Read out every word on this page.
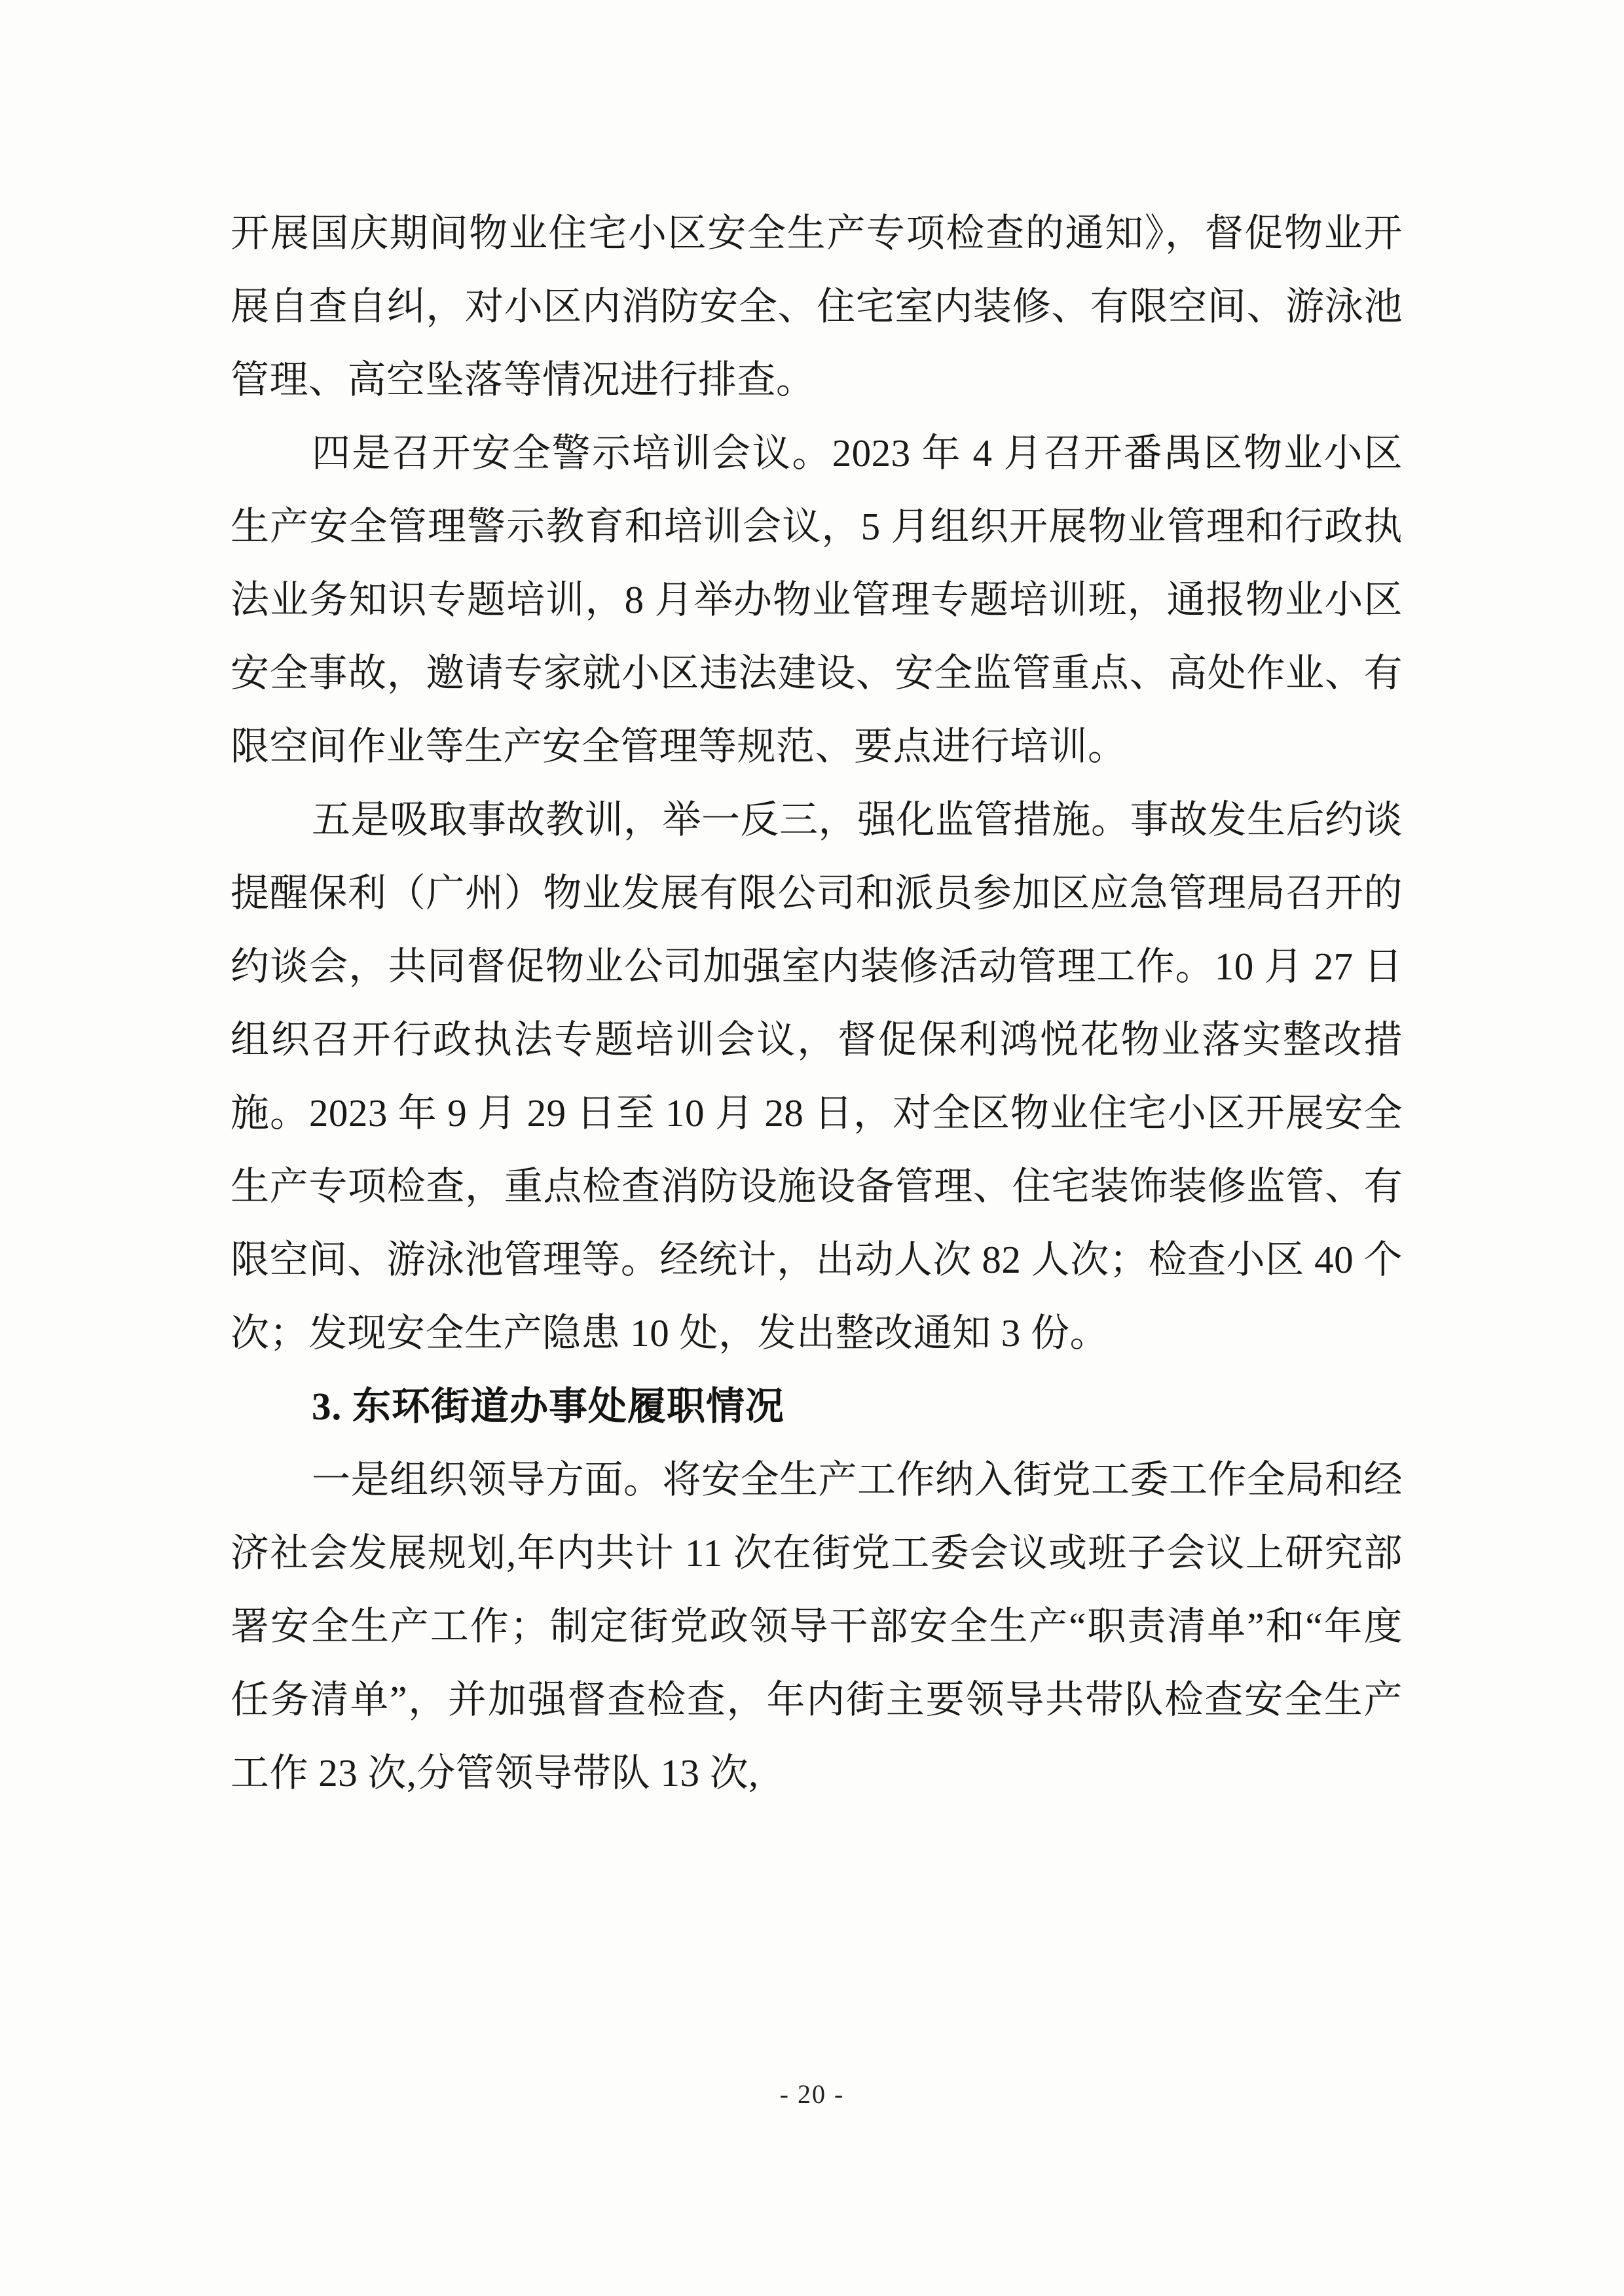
开展国庆期间物业住宅小区安全生产专项检查的通知》，督促物业开展自查自纠，对小区内消防安全、住宅室内装修、有限空间、游泳池管理、高空坠落等情况进行排查。

四是召开安全警示培训会议。2023 年 4 月召开番禺区物业小区生产安全管理警示教育和培训会议，5 月组织开展物业管理和行政执法业务知识专题培训，8 月举办物业管理专题培训班，通报物业小区安全事故，邀请专家就小区违法建设、安全监管重点、高处作业、有限空间作业等生产安全管理等规范、要点进行培训。

五是吸取事故教训，举一反三，强化监管措施。事故发生后约谈提醒保利（广州）物业发展有限公司和派员参加区应急管理局召开的约谈会，共同督促物业公司加强室内装修活动管理工作。10 月 27 日组织召开行政执法专题培训会议，督促保利鸿悦花物业落实整改措施。2023 年 9 月 29 日至 10 月 28 日，对全区物业住宅小区开展安全生产专项检查，重点检查消防设施设备管理、住宅装饰装修监管、有限空间、游泳池管理等。经统计，出动人次 82 人次；检查小区 40 个次；发现安全生产隐患 10 处，发出整改通知 3 份。

3. 东环街道办事处履职情况

一是组织领导方面。将安全生产工作纳入街党工委工作全局和经济社会发展规划,年内共计 11 次在街党工委会议或班子会议上研究部署安全生产工作；制定街党政领导干部安全生产“职责清单”和“年度任务清单”，并加强督查检查，年内街主要领导共带队检查安全生产工作 23 次,分管领导带队 13 次,

- 20 -
